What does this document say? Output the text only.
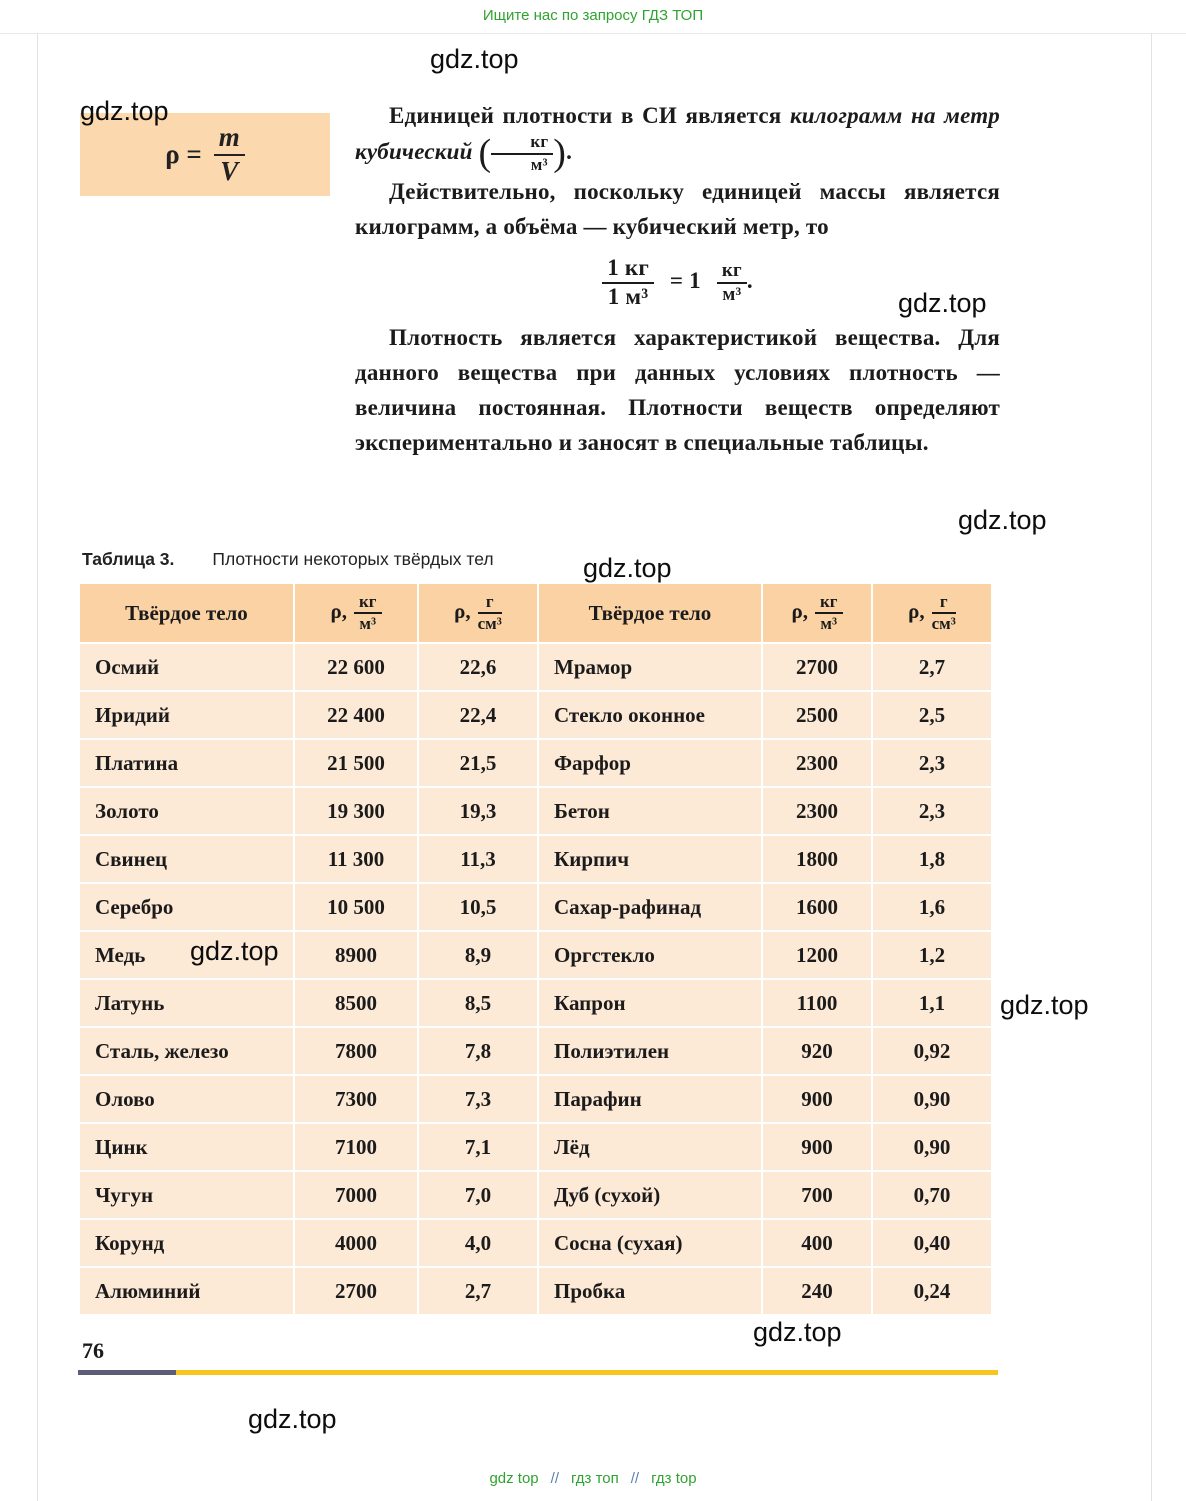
Ищите нас по запросу ГДЗ ТОП
gdz.top
gdz.top
gdz.top
gdz.top
gdz.top
gdz.top
gdz.top
gdz.top
gdz.top
$\rho = \frac{m}{V}$

Единицей плотности в СИ является килограмм на метр кубический ( $\frac{кг}{\text{м³}}$ ).

Действительно, поскольку единицей массы является килограмм, а объёма — кубический метр, то

$\frac{1 кг}{\text{1 м³}} = 1 \frac{кг}{\text{м³}}$ .

Плотность является характеристикой вещества. Для данного вещества при данных условиях плотность — величина постоянная. Плотности веществ определяют экспериментально и заносят в специальные таблицы.

Таблица 3. Плотности некоторых твёрдых тел
Твёрдое тело	ρ, $\frac{кг}{\text{м³}}$	ρ, $\frac{г}{\text{см³}}$	Твёрдое тело	ρ, $\frac{кг}{\text{м³}}$	ρ, $\frac{г}{\text{см³}}$

Осмий	22 600	22,6	Мрамор	2700	2,7
Иридий	22 400	22,4	Стекло оконное	2500	2,5
Платина	21 500	21,5	Фарфор	2300	2,3
Золото	19 300	19,3	Бетон	2300	2,3
Свинец	11 300	11,3	Кирпич	1800	1,8
Серебро	10 500	10,5	Сахар-рафинад	1600	1,6
Медь	8900	8,9	Оргстекло	1200	1,2
Латунь	8500	8,5	Капрон	1100	1,1
Сталь, железо	7800	7,8	Полиэтилен	920	0,92
Олово	7300	7,3	Парафин	900	0,90
Цинк	7100	7,1	Лёд	900	0,90
Чугун	7000	7,0	Дуб (сухой)	700	0,70
Корунд	4000	4,0	Сосна (сухая)	400	0,40
Алюминий	2700	2,7	Пробка	240	0,24
76
gdz top // гдз топ // гдз top
